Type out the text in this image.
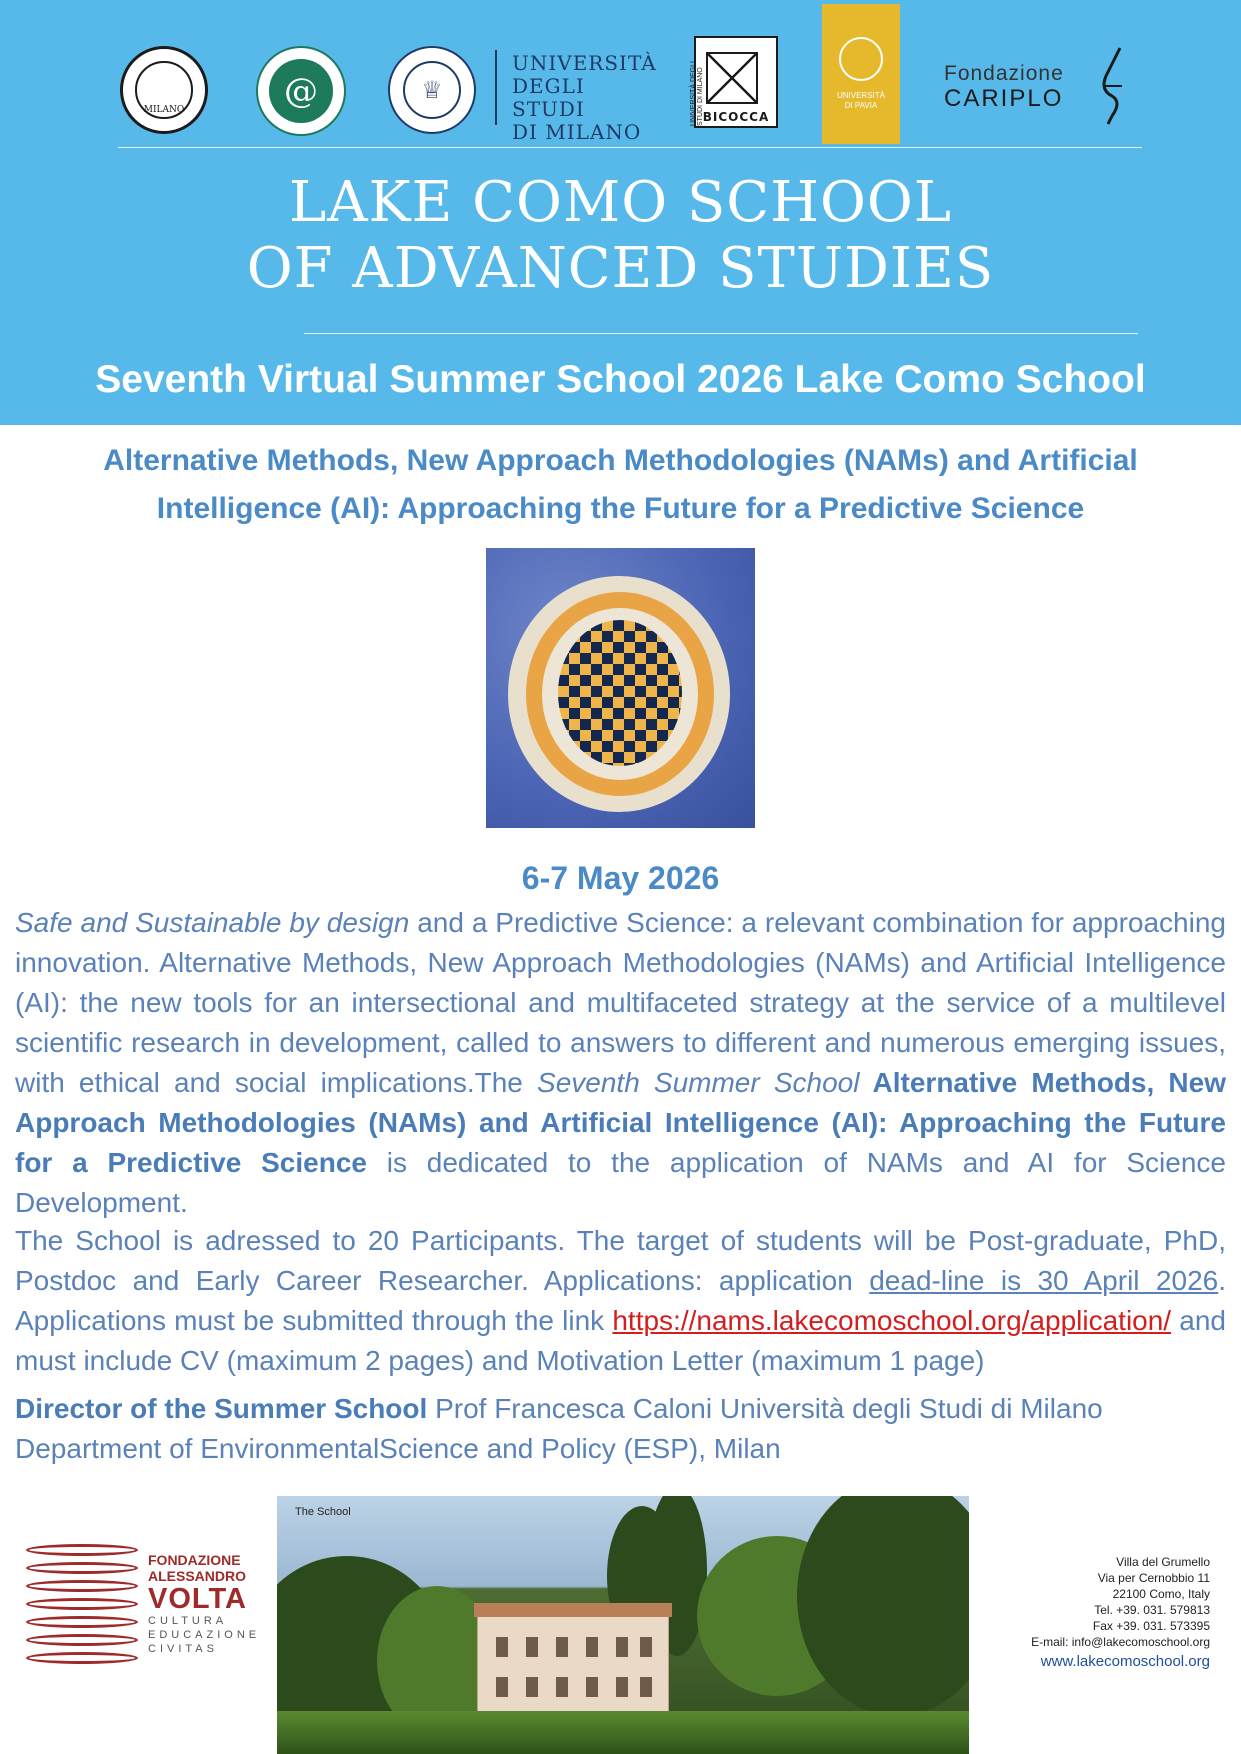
MILANO	@	♕
UNIVERSITÀ
DEGLI STUDI
DI MILANO
UNIVERSITÀ DEGLI STUDI DI MILANO
BICOCCA
UNIVERSITÀ
DI PAVIA
Fondazione
CARIPLO
LAKE COMO SCHOOL
OF ADVANCED STUDIES
Seventh Virtual Summer School 2026 Lake Como School
Alternative Methods, New Approach Methodologies (NAMs) and Artificial
Intelligence (AI): Approaching the Future for a Predictive Science
6-7 May 2026

Safe and Sustainable by design and a Predictive Science: a relevant combination for approaching innovation. Alternative Methods, New Approach Methodologies (NAMs) and Artificial Intelligence (AI): the new tools for an intersectional and multifaceted strategy at the service of a multilevel scientific research in development, called to answers to different and numerous emerging issues, with ethical and social implications.The Seventh Summer School Alternative Methods, New Approach Methodologies (NAMs) and Artificial Intelligence (AI): Approaching the Future for a Predictive Science is dedicated to the application of NAMs and AI for Science Development.

The School is adressed to 20 Participants. The target of students will be Post-graduate, PhD, Postdoc and Early Career Researcher. Applications: application dead-line is 30 April 2026. Applications must be submitted through the link https://nams.lakecomoschool.org/application/ and must include CV (maximum 2 pages) and Motivation Letter (maximum 1 page)

Director of the Summer School Prof Francesca Caloni Università degli Studi di Milano Department of EnvironmentalScience and Policy (ESP), Milan

FONDAZIONE
ALESSANDRO
VOLTA
CULTURA
EDUCAZIONE
CIVITAS
The School
Villa del Grumello
Via per Cernobbio 11
22100 Como, Italy
Tel. +39. 031. 579813
Fax +39. 031. 573395
E-mail: info@lakecomoschool.org
www.lakecomoschool.org
